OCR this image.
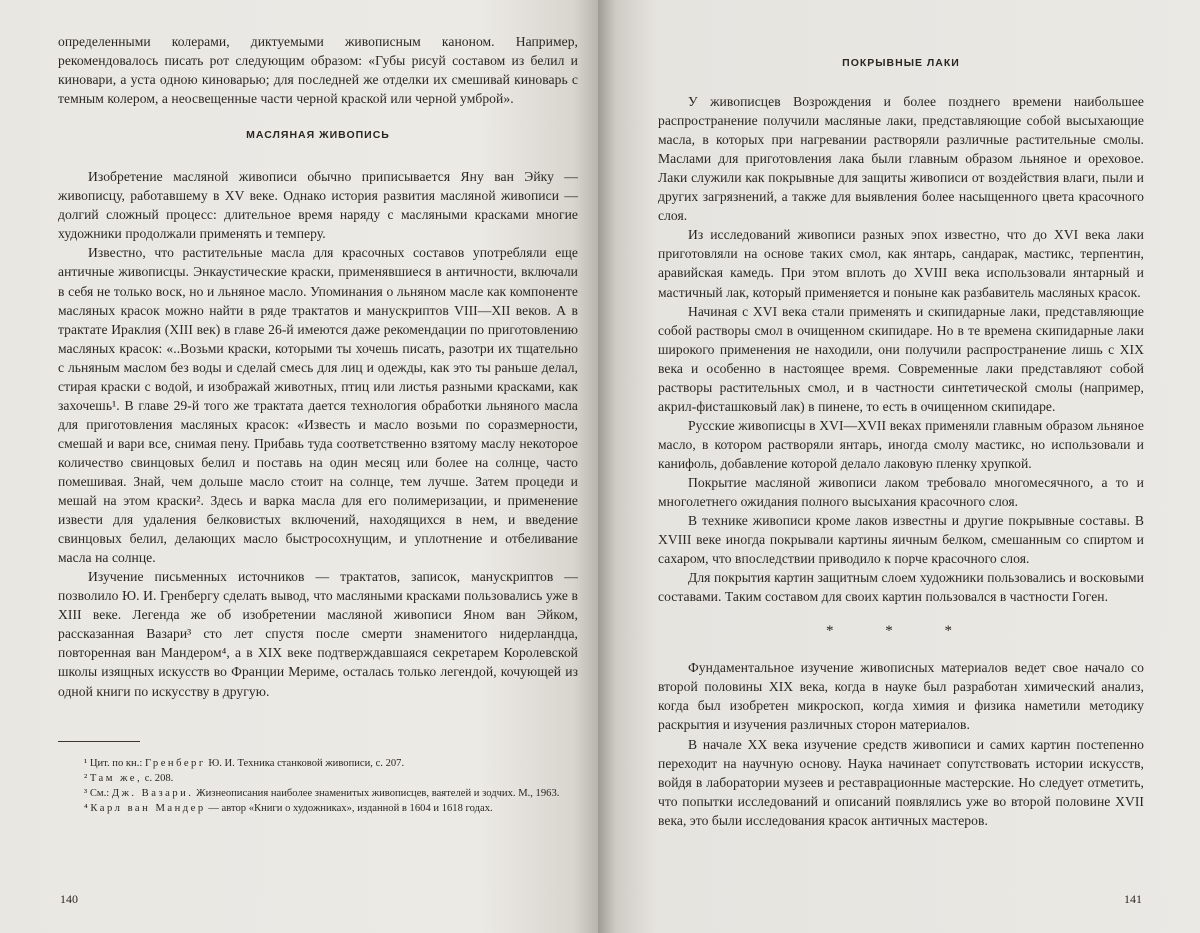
определенными колерами, диктуемыми живописным каноном. Например, рекомендовалось писать рот следующим образом: «Губы рисуй составом из белил и киновари, а уста одною киноварью; для последней же отделки их смешивай киноварь с темным колером, а неосвещенные части черной краской или черной умброй».

МАСЛЯНАЯ ЖИВОПИСЬ

Изобретение масляной живописи обычно приписывается Яну ван Эйку — живописцу, работавшему в XV веке. Однако история развития масляной живописи — долгий сложный процесс: длительное время наряду с масляными красками многие художники продолжали применять и темперу.

Известно, что растительные масла для красочных составов употребляли еще античные живописцы. Энкаустические краски, применявшиеся в античности, включали в себя не только воск, но и льняное масло. Упоминания о льняном масле как компоненте масляных красок можно найти в ряде трактатов и манускриптов VIII—XII веков. А в трактате Ираклия (XIII век) в главе 26-й имеются даже рекомендации по приготовлению масляных красок: «..Возьми краски, которыми ты хочешь писать, разотри их тщательно с льняным маслом без воды и сделай смесь для лиц и одежды, как это ты раньше делал, стирая краски с водой, и изображай животных, птиц или листья разными красками, как захочешь¹. В главе 29-й того же трактата дается технология обработки льняного масла для приготовления масляных красок: «Известь и масло возьми по соразмерности, смешай и вари все, снимая пену. Прибавь туда соответственно взятому маслу некоторое количество свинцовых белил и поставь на один месяц или более на солнце, часто помешивая. Знай, чем дольше масло стоит на солнце, тем лучше. Затем процеди и мешай на этом краски². Здесь и варка масла для его полимеризации, и применение извести для удаления белковистых включений, находящихся в нем, и введение свинцовых белил, делающих масло быстросохнущим, и уплотнение и отбеливание масла на солнце.

Изучение письменных источников — трактатов, записок, манускриптов — позволило Ю. И. Гренбергу сделать вывод, что масляными красками пользовались уже в XIII веке. Легенда же об изобретении масляной живописи Яном ван Эйком, рассказанная Вазари³ сто лет спустя после смерти знаменитого нидерландца, повторенная ван Мандером⁴, а в XIX веке подтверждавшаяся секретарем Королевской школы изящных искусств во Франции Мериме, осталась только легендой, кочующей из одной книги по искусству в другую.

¹ Цит. по кн.: Гренберг Ю. И. Техника станковой живописи, с. 207.

² Там же, с. 208.

³ См.: Дж. Вазари. Жизнеописания наиболее знаменитых живописцев, ваятелей и зодчих. М., 1963.

⁴ Карл ван Мандер — автор «Книги о художниках», изданной в 1604 и 1618 годах.

140
ПОКРЫВНЫЕ ЛАКИ

У живописцев Возрождения и более позднего времени наибольшее распространение получили масляные лаки, представляющие собой высыхающие масла, в которых при нагревании растворяли различные растительные смолы. Маслами для приготовления лака были главным образом льняное и ореховое. Лаки служили как покрывные для защиты живописи от воздействия влаги, пыли и других загрязнений, а также для выявления более насыщенного цвета красочного слоя.

Из исследований живописи разных эпох известно, что до XVI века лаки приготовляли на основе таких смол, как янтарь, сандарак, мастикс, терпентин, аравийская камедь. При этом вплоть до XVIII века использовали янтарный и мастичный лак, который применяется и поныне как разбавитель масляных красок.

Начиная с XVI века стали применять и скипидарные лаки, представляющие собой растворы смол в очищенном скипидаре. Но в те времена скипидарные лаки широкого применения не находили, они получили распространение лишь с XIX века и особенно в настоящее время. Современные лаки представляют собой растворы растительных смол, и в частности синтетической смолы (например, акрил-фисташковый лак) в пинене, то есть в очищенном скипидаре.

Русские живописцы в XVI—XVII веках применяли главным образом льняное масло, в котором растворяли янтарь, иногда смолу мастикс, но использовали и канифоль, добавление которой делало лаковую пленку хрупкой.

Покрытие масляной живописи лаком требовало многомесячного, а то и многолетнего ожидания полного высыхания красочного слоя.

В технике живописи кроме лаков известны и другие покрывные составы. В XVIII веке иногда покрывали картины яичным белком, смешанным со спиртом и сахаром, что впоследствии приводило к порче красочного слоя.

Для покрытия картин защитным слоем художники пользовались и восковыми составами. Таким составом для своих картин пользовался в частности Гоген.

* * *

Фундаментальное изучение живописных материалов ведет свое начало со второй половины XIX века, когда в науке был разработан химический анализ, когда был изобретен микроскоп, когда химия и физика наметили методику раскрытия и изучения различных сторон материалов.

В начале XX века изучение средств живописи и самих картин постепенно переходит на научную основу. Наука начинает сопутствовать истории искусств, войдя в лаборатории музеев и реставрационные мастерские. Но следует отметить, что попытки исследований и описаний появлялись уже во второй половине XVII века, это были исследования красок античных мастеров.

141
